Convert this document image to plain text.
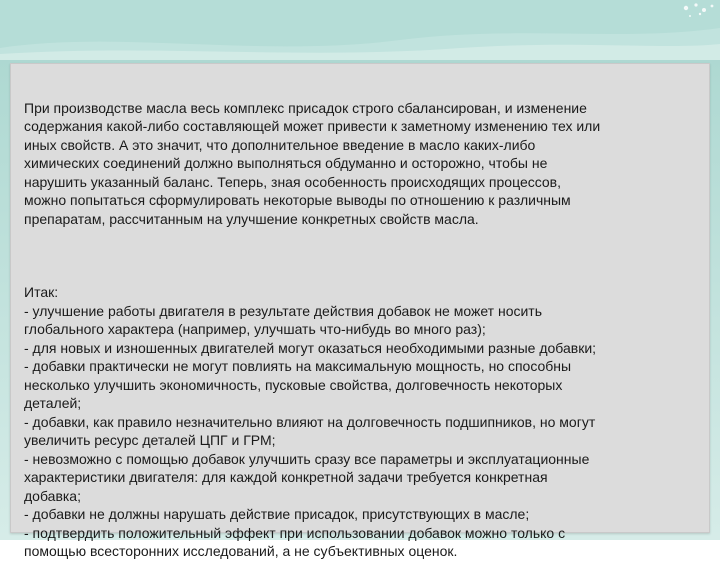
При производстве масла весь комплекс присадок строго сбалансирован, и изменение
содержания какой-либо составляющей может привести к заметному изменению тех или
иных свойств. А это значит, что дополнительное введение в масло каких-либо
химических соединений должно выполняться обдуманно и осторожно, чтобы не
нарушить указанный баланс. Теперь, зная особенность происходящих процессов,
можно попытаться сформулировать некоторые выводы по отношению к различным
препаратам, рассчитанным на улучшение конкретных свойств масла.

Итак:
- улучшение работы двигателя в результате действия добавок не может носить
глобального характера (например, улучшать что-нибудь во много раз);
- для новых и изношенных двигателей могут оказаться необходимыми разные добавки;
- добавки практически не могут повлиять на максимальную мощность, но способны
несколько улучшить экономичность, пусковые свойства, долговечность некоторых
деталей;
- добавки, как правило незначительно влияют на долговечность подшипников, но могут
увеличить ресурс деталей ЦПГ и ГРМ;
- невозможно с помощью добавок улучшить сразу все параметры и эксплуатационные
характеристики двигателя: для каждой конкретной задачи требуется конкретная
добавка;
- добавки не должны нарушать действие присадок, присутствующих в масле;
- подтвердить положительный эффект при использовании добавок можно только с
помощью всесторонних исследований, а не субъективных оценок.
